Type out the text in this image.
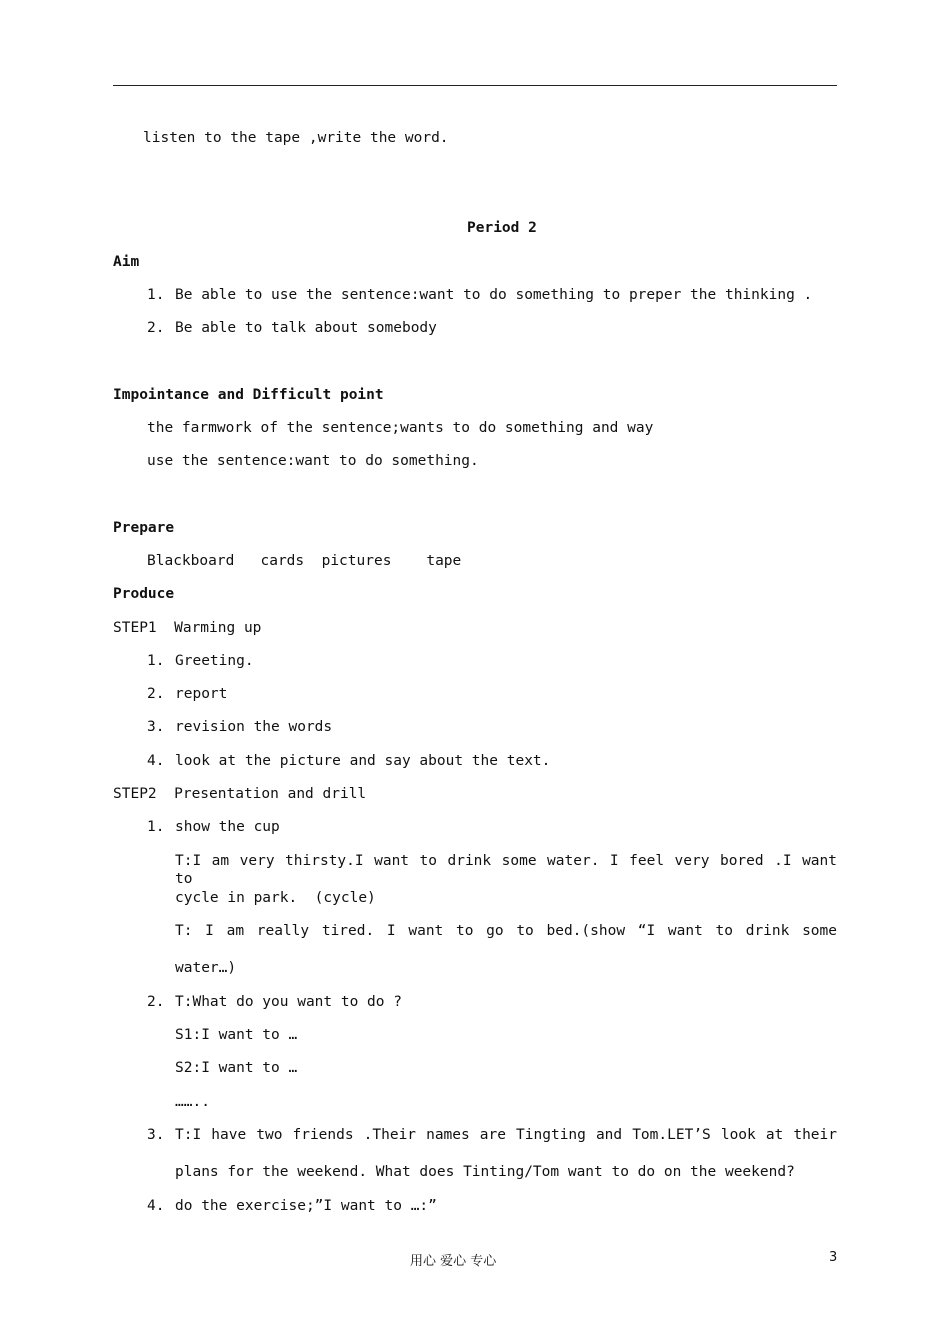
listen to the tape ,write the word.
Period 2
Aim
1. Be able to use the sentence:want to do something to preper the thinking .
2. Be able to talk about somebody
Impointance and Difficult point
the farmwork of the sentence;wants to do something and way
use the sentence:want to do something.
Prepare
Blackboard   cards  pictures    tape
Produce
STEP1  Warming up
1. Greeting.
2. report
3. revision the words
4. look at the picture and say about the text.
STEP2  Presentation and drill
1. show the cup
T:I am very thirsty.I want to drink some water. I feel very bored .I want to
cycle in park.  (cycle)
T: I am really tired. I want to go to bed.(show “I want to drink some
water…)
2. T:What do you want to do ?
S1:I want to …
S2:I want to …
……..
3. T:I have two friends .Their names are Tingting and Tom.LET’S look at their
plans for the weekend. What does Tinting/Tom want to do on the weekend?
4. do the exercise;”I want to …:”
用心 爱心 专心	3
